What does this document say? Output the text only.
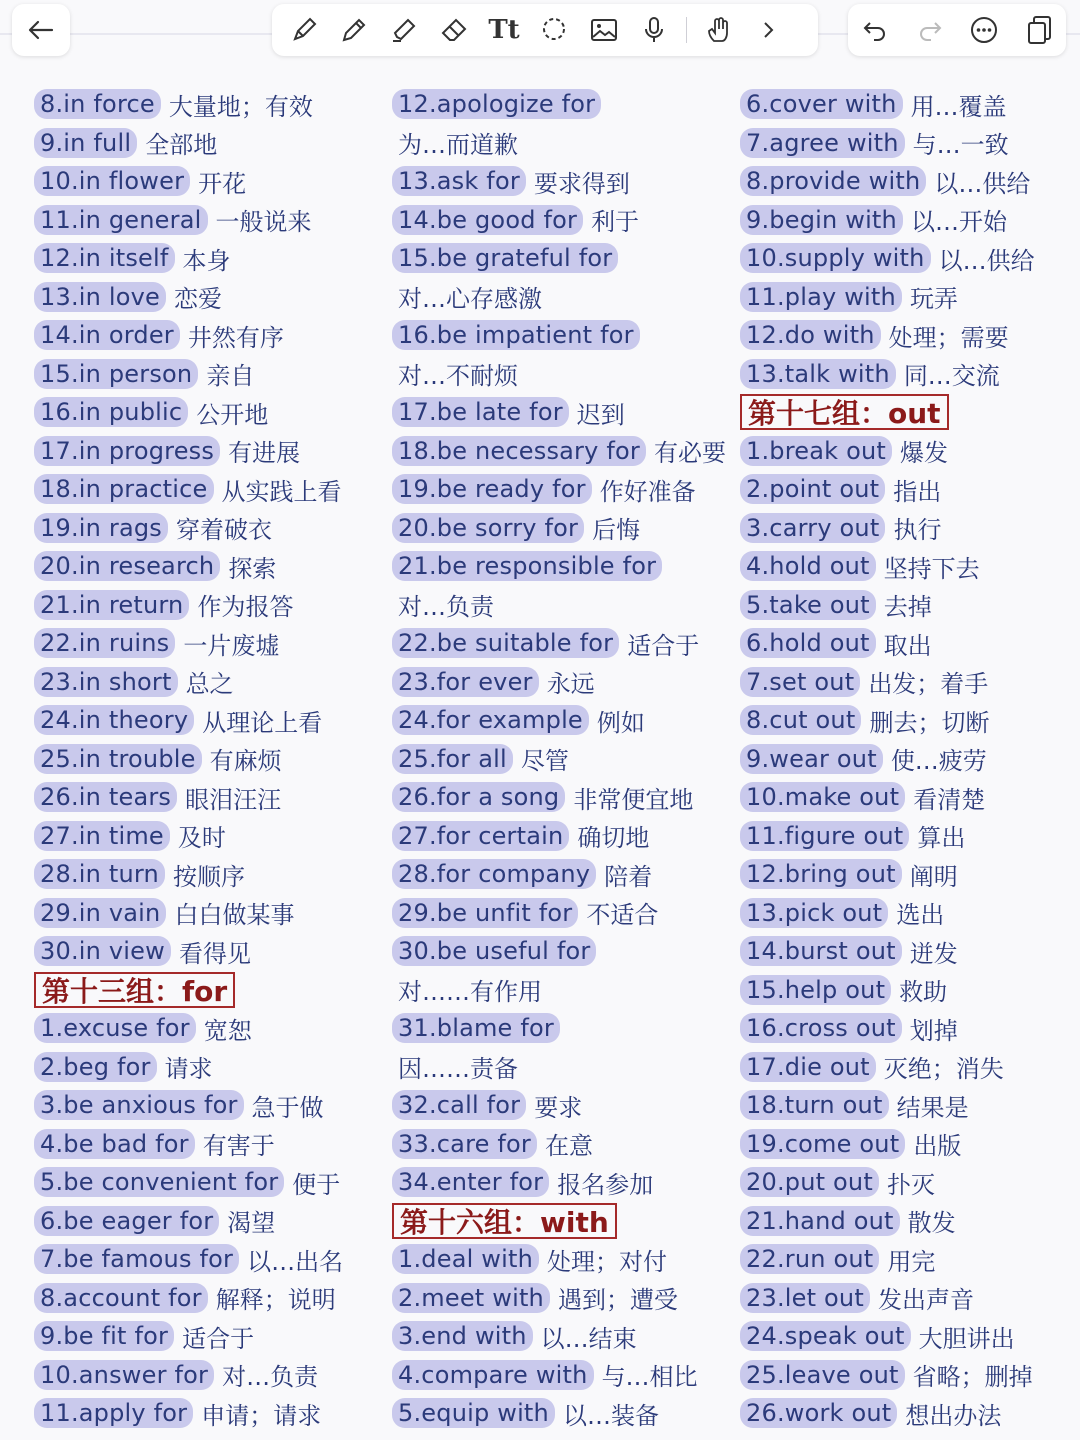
Tt
8.in force 大量地；有效
9.in full 全部地
10.in flower 开花
11.in general 一般说来
12.in itself 本身
13.in love 恋爱
14.in order 井然有序
15.in person 亲自
16.in public 公开地
17.in progress 有进展
18.in practice 从实践上看
19.in rags 穿着破衣
20.in research 探索
21.in return 作为报答
22.in ruins 一片废墟
23.in short 总之
24.in theory 从理论上看
25.in trouble 有麻烦
26.in tears 眼泪汪汪
27.in time 及时
28.in turn 按顺序
29.in vain 白白做某事
30.in view 看得见
第十三组：for
1.excuse for 宽恕
2.beg for 请求
3.be anxious for 急于做
4.be bad for 有害于
5.be convenient for 便于
6.be eager for 渴望
7.be famous for 以…出名
8.account for 解释；说明
9.be fit for 适合于
10.answer for 对…负责
11.apply for 申请；请求
12.apologize for
为…而道歉
13.ask for 要求得到
14.be good for 利于
15.be grateful for
对…心存感激
16.be impatient for
对…不耐烦
17.be late for 迟到
18.be necessary for 有必要
19.be ready for 作好准备
20.be sorry for 后悔
21.be responsible for
对…负责
22.be suitable for 适合于
23.for ever 永远
24.for example 例如
25.for all 尽管
26.for a song 非常便宜地
27.for certain 确切地
28.for company 陪着
29.be unfit for 不适合
30.be useful for
对……有作用
31.blame for
因……责备
32.call for 要求
33.care for 在意
34.enter for 报名参加
第十六组：with
1.deal with 处理；对付
2.meet with 遇到；遭受
3.end with 以…结束
4.compare with 与…相比
5.equip with 以…装备
6.cover with 用…覆盖
7.agree with 与…一致
8.provide with 以…供给
9.begin with 以…开始
10.supply with 以…供给
11.play with 玩弄
12.do with 处理；需要
13.talk with 同…交流
第十七组：out
1.break out 爆发
2.point out 指出
3.carry out 执行
4.hold out 坚持下去
5.take out 去掉
6.hold out 取出
7.set out 出发；着手
8.cut out 删去；切断
9.wear out 使…疲劳
10.make out 看清楚
11.figure out 算出
12.bring out 阐明
13.pick out 选出
14.burst out 迸发
15.help out 救助
16.cross out 划掉
17.die out 灭绝；消失
18.turn out 结果是
19.come out 出版
20.put out 扑灭
21.hand out 散发
22.run out 用完
23.let out 发出声音
24.speak out 大胆讲出
25.leave out 省略；删掉
26.work out 想出办法
